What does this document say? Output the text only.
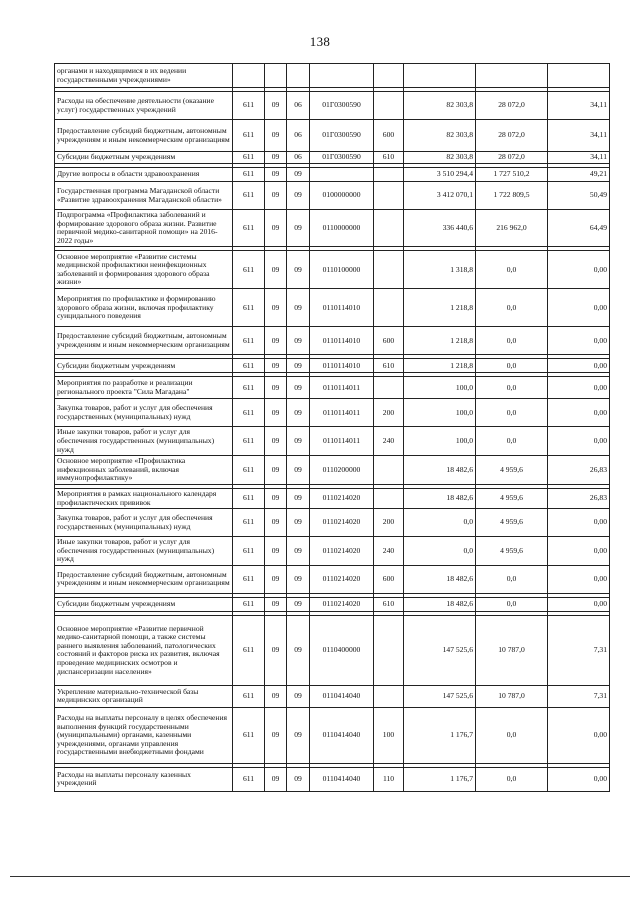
138
органами и находящимися в их ведении государственными учреждениями»								

Расходы на обеспечение деятельности (оказание услуг) государственных учреждений	611	09	06	01Г0300590		82 303,8	28 072,0	34,11
Предоставление субсидий бюджетным, автономным учреждениям и иным некоммерческим организациям	611	09	06	01Г0300590	600	82 303,8	28 072,0	34,11
Субсидии бюджетным учреждениям	611	09	06	01Г0300590	610	82 303,8	28 072,0	34,11

Другие вопросы в области здравоохранения	611	09	09			3 510 294,4	1 727 510,2	49,21
Государственная программа Магаданской области «Развитие здравоохранения Магаданской области»	611	09	09	0100000000		3 412 070,1	1 722 809,5	50,49
Подпрограмма «Профилактика заболеваний и формирование здорового образа жизни. Развитие первичной медико-санитарной помощи» на 2016-2022 годы»	611	09	09	0110000000		336 440,6	216 962,0	64,49

Основное мероприятие «Развитие системы медицинской профилактики неинфекционных заболеваний и формирования здорового образа жизни»	611	09	09	0110100000		1 318,8	0,0	0,00
Мероприятия по профилактике и формированию здорового образа жизни, включая профилактику суицидального поведения	611	09	09	0110114010		1 218,8	0,0	0,00
Предоставление субсидий бюджетным, автономным учреждениям и иным некоммерческим организациям	611	09	09	0110114010	600	1 218,8	0,0	0,00

Субсидии бюджетным учреждениям	611	09	09	0110114010	610	1 218,8	0,0	0,00

Мероприятия по разработке и реализации регионального проекта "Сила Магадана"	611	09	09	0110114011		100,0	0,0	0,00
Закупка товаров, работ и услуг для обеспечения государственных (муниципальных) нужд	611	09	09	0110114011	200	100,0	0,0	0,00
Иные закупки товаров, работ и услуг для обеспечения государственных (муниципальных) нужд	611	09	09	0110114011	240	100,0	0,0	0,00
Основное мероприятие «Профилактика инфекционных заболеваний, включая иммунопрофилактику»	611	09	09	0110200000		18 482,6	4 959,6	26,83

Мероприятия в рамках национального календаря профилактических прививок	611	09	09	0110214020		18 482,6	4 959,6	26,83
Закупка товаров, работ и услуг для обеспечения государственных (муниципальных) нужд	611	09	09	0110214020	200	0,0	4 959,6	0,00
Иные закупки товаров, работ и услуг для обеспечения государственных (муниципальных) нужд	611	09	09	0110214020	240	0,0	4 959,6	0,00
Предоставление субсидий бюджетным, автономным учреждениям и иным некоммерческим организациям	611	09	09	0110214020	600	18 482,6	0,0	0,00

Субсидии бюджетным учреждениям	611	09	09	0110214020	610	18 482,6	0,0	0,00

Основное мероприятие «Развитие первичной медико-санитарной помощи, а также системы раннего выявления заболеваний, патологических состояний и факторов риска их развития, включая проведение медицинских осмотров и диспансеризации населения»	611	09	09	0110400000		147 525,6	10 787,0	7,31
Укрепление материально-технической базы медицинских организаций	611	09	09	0110414040		147 525,6	10 787,0	7,31
Расходы на выплаты персоналу в целях обеспечения выполнения функций государственными (муниципальными) органами, казенными учреждениями, органами управления государственными внебюджетными фондами	611	09	09	0110414040	100	1 176,7	0,0	0,00

Расходы на выплаты персоналу казенных учреждений	611	09	09	0110414040	110	1 176,7	0,0	0,00
